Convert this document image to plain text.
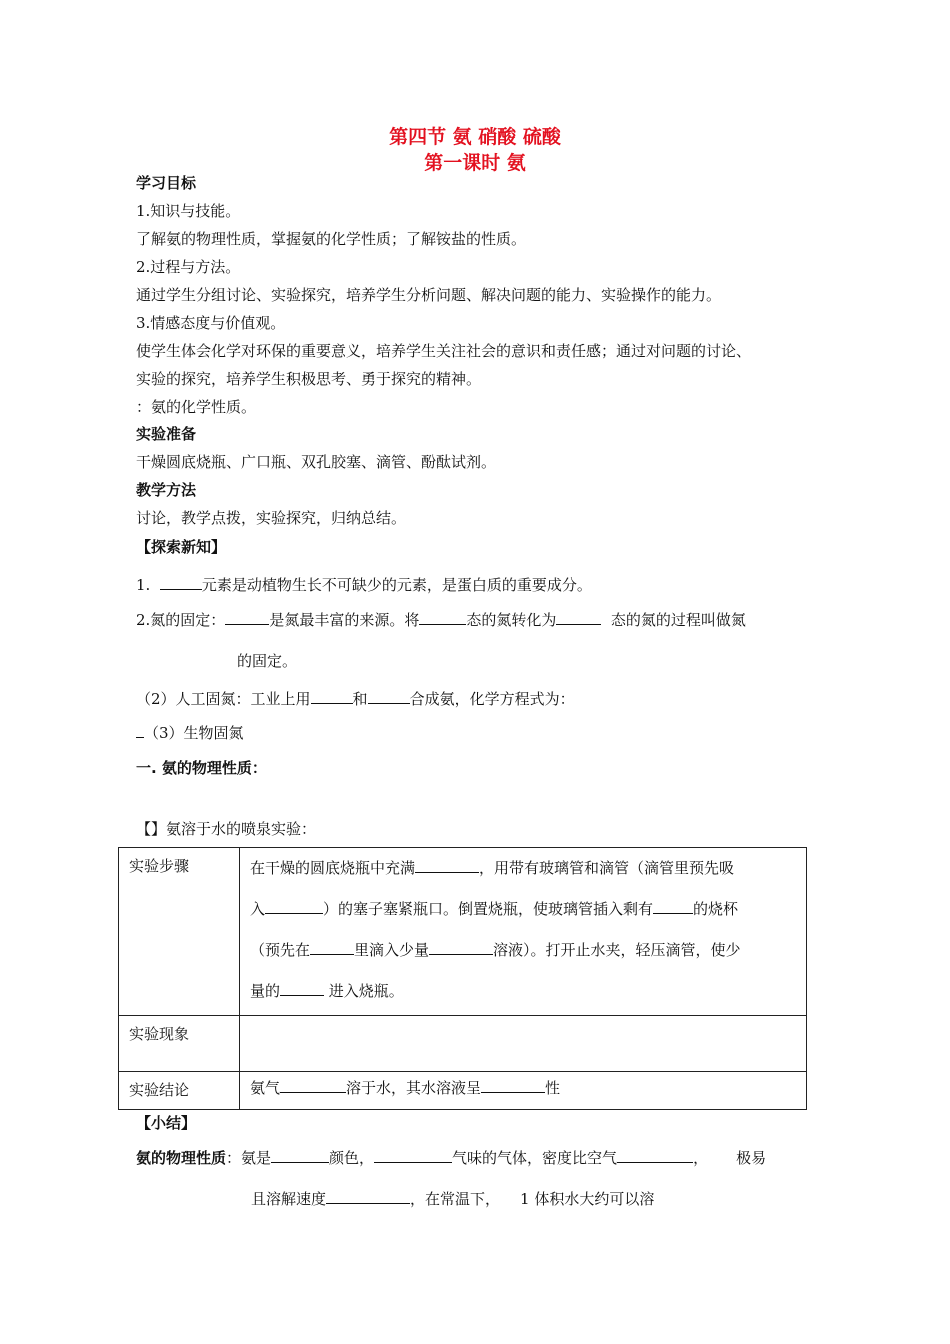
第四节 氨 硝酸 硫酸
第一课时 氨
学习目标
1.知识与技能。
了解氨的物理性质，掌握氨的化学性质；了解铵盐的性质。
2.过程与方法。
通过学生分组讨论、实验探究，培养学生分析问题、解决问题的能力、实验操作的能力。
3.情感态度与价值观。
使学生体会化学对环保的重要意义，培养学生关注社会的意识和责任感；通过对问题的讨论、
实验的探究，培养学生积极思考、勇于探究的精神。
：氨的化学性质。
实验准备
干燥圆底烧瓶、广口瓶、双孔胶塞、滴管、酚酞试剂。
教学方法
讨论，教学点拨，实验探究，归纳总结。
【探索新知】
1.	元素是动植物生长不可缺少的元素，是蛋白质的重要成分。
2.氮的固定：	是氮最丰富的来源。将	态的氮转化为	态的氮的过程叫做氮
的固定。
（2）人工固氮：工业上用	和	合成氨，化学方程式为：
（3）生物固氮
一. 氨的物理性质：
【】氨溶于水的喷泉实验：
实验步骤	在干燥的圆底烧瓶中充满 ，用带有玻璃管和滴管（滴管里预先吸
入 ）的塞子塞紧瓶口。倒置烧瓶，使玻璃管插入剩有 的烧杯
（预先在 里滴入少量 溶液）。打开止水夹，轻压滴管，使少
量的 进入烧瓶。

实验现象	
实验结论	氨气 溶于水，其水溶液呈 性
【小结】
氨的物理性质：氨是	颜色，	气味的气体，密度比空气	， 极易
且溶解速度	，在常温下， 1 体积水大约可以溶
